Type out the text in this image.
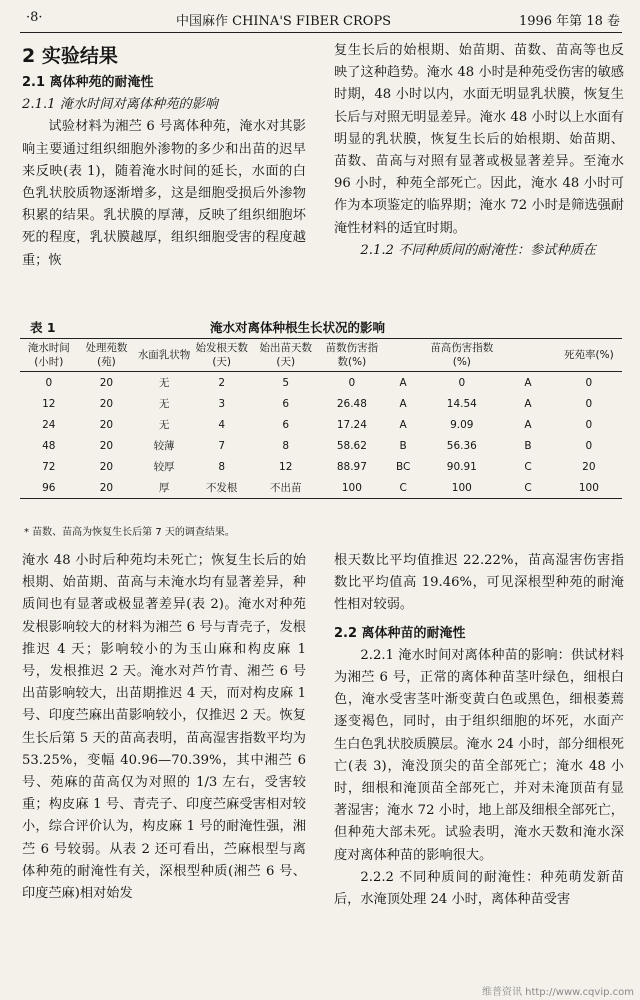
·8·	中国麻作 CHINA'S FIBER CROPS	1996 年第 18 卷

2 实验结果

2.1 离体种苑的耐淹性

2.1.1 淹水时间对离体种苑的影响

试验材料为湘苎 6 号离体种苑，淹水对其影响主要通过组织细胞外渗物的多少和出苗的迟早来反映(表 1)，随着淹水时间的延长，水面的白色乳状胶质物逐渐增多，这是细胞受损后外渗物积累的结果。乳状膜的厚薄，反映了组织细胞坏死的程度，乳状膜越厚，组织细胞受害的程度越重；恢

复生长后的始根期、始苗期、苗数、苗高等也反映了这种趋势。淹水 48 小时是种苑受伤害的敏感时期，48 小时以内，水面无明显乳状膜，恢复生长后与对照无明显差异。淹水 48 小时以上水面有明显的乳状膜，恢复生长后的始根期、始苗期、苗数、苗高与对照有显著或极显著差异。至淹水 96 小时，种苑全部死亡。因此，淹水 48 小时可作为本项鉴定的临界期；淹水 72 小时是筛选强耐淹性材料的适宜时期。

2.1.2 不同种质间的耐淹性：参试种质在

表 1	淹水对离体种根生长状况的影响
淹水时间(小时)	处理苑数(苑)	水面乳状物	始发根天数(天)	始出苗天数(天)	苗数伤害指数(%)		苗高伤害指数(%)		死苑率(%)
0	20	无	2	5	0	A	0	A	0
12	20	无	3	6	26.48	A	14.54	A	0
24	20	无	4	6	17.24	A	9.09	A	0
48	20	较薄	7	8	58.62	B	56.36	B	0
72	20	较厚	8	12	88.97	BC	90.91	C	20
96	20	厚	不发根	不出苗	100	C	100	C	100
* 苗数、苗高为恢复生长后第 7 天的调查结果。

淹水 48 小时后种苑均未死亡；恢复生长后的始根期、始苗期、苗高与未淹水均有显著差异，种质间也有显著或极显著差异(表 2)。淹水对种苑发根影响较大的材料为湘苎 6 号与青壳子，发根推迟 4 天；影响较小的为玉山麻和构皮麻 1 号，发根推迟 2 天。淹水对芦竹青、湘苎 6 号出苗影响较大，出苗期推迟 4 天，而对构皮麻 1 号、印度苎麻出苗影响较小，仅推迟 2 天。恢复生长后第 5 天的苗高表明，苗高湿害指数平均为 53.25%，变幅 40.96—70.39%，其中湘苎 6 号、苑麻的苗高仅为对照的 1/3 左右，受害较重；构皮麻 1 号、青壳子、印度苎麻受害相对较小，综合评价认为，构皮麻 1 号的耐淹性强，湘苎 6 号较弱。从表 2 还可看出，苎麻根型与离体种苑的耐淹性有关，深根型种质(湘苎 6 号、印度苎麻)相对始发

根天数比平均值推迟 22.22%，苗高湿害伤害指数比平均值高 19.46%，可见深根型种苑的耐淹性相对较弱。

2.2 离体种苗的耐淹性

2.2.1 淹水时间对离体种苗的影响：供试材料为湘苎 6 号，正常的离体种苗茎叶绿色，细根白色，淹水受害茎叶渐变黄白色或黑色，细根萎蔫逐变褐色，同时，由于组织细胞的坏死，水面产生白色乳状胶质膜层。淹水 24 小时，部分细根死亡(表 3)，淹没顶尖的苗全部死亡；淹水 48 小时，细根和淹顶苗全部死亡，并对未淹顶苗有显著湿害；淹水 72 小时，地上部及细根全部死亡，但种苑大部未死。试验表明，淹水天数和淹水深度对离体种苗的影响很大。

2.2.2 不同种质间的耐淹性：种苑萌发新苗后，水淹顶处理 24 小时，离体种苗受害

维普资讯 http://www.cqvip.com
